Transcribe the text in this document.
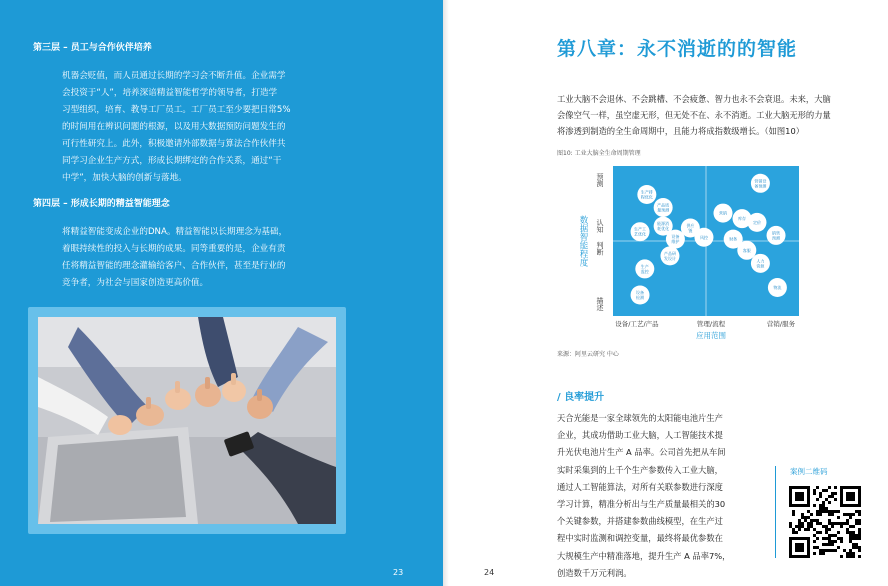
第三层 – 员工与合作伙伴培养
机器会贬值，而人员通过长期的学习会不断升值。企业需学
会投资于“人”，培养深谙精益智能哲学的领导者，打造学
习型组织，培育、教导工厂员工。工厂员工至少要把日常5%
的时间用在辨识问题的根源，以及用大数据预防问题发生的
可行性研究上。此外，积极邀请外部数据与算法合作伙伴共
同学习企业生产方式，形成长期绑定的合作关系，通过“干
中学”，加快大脑的创新与落地。
第四层 – 形成长期的精益智能理念
将精益智能变成企业的DNA。精益智能以长期理念为基础，
着眼持续性的投入与长期的成果。同等重要的是，企业有责
任将精益智能的理念灌输给客户、合作伙伴，甚至是行业的
竞争者，为社会与国家创造更高价值。
23
第八章：永不消逝的的智能
工业大脑不会退休、不会跳槽、不会疲惫、智力也永不会衰退。未来，大脑
会像空气一样，虽空虚无形，但无处不在、永不消逝。工业大脑无形的力量
将渗透到制造的全生命周期中，且能力将成指数级增长。（如图10）
图10: 工业大脑全生命周期管理
数据智能程度
描述
判断
认知
预测
设备/工艺/产品	管理/流程	营销/服务
应用范围
生产排
程优化
营销设
备预测
产品质
量预测
生产工
艺优化
能源消
耗优化
设备
维护
产品研
发设计
供应
链
风控
营销
库存
定价
财务
销售
预测
客服
生产
监控
设备
检测
人力
资源
物流
来源：阿里云研究 中心
/ 良率提升
天合光能是一家全球领先的太阳能电池片生产
企业，其成功借助工业大脑，人工智能技术提
升光伏电池片生产 A 品率。公司首先把从车间
实时采集到的上千个生产参数传入工业大脑，
通过人工智能算法，对所有关联参数进行深度
学习计算，精准分析出与生产质量最相关的30
个关键参数，并搭建参数曲线模型，在生产过
程中实时监测和调控变量，最终将最优参数在
大规模生产中精准落地，提升生产 A 品率7%，
创造数千万元利润。
案例二维码
24
